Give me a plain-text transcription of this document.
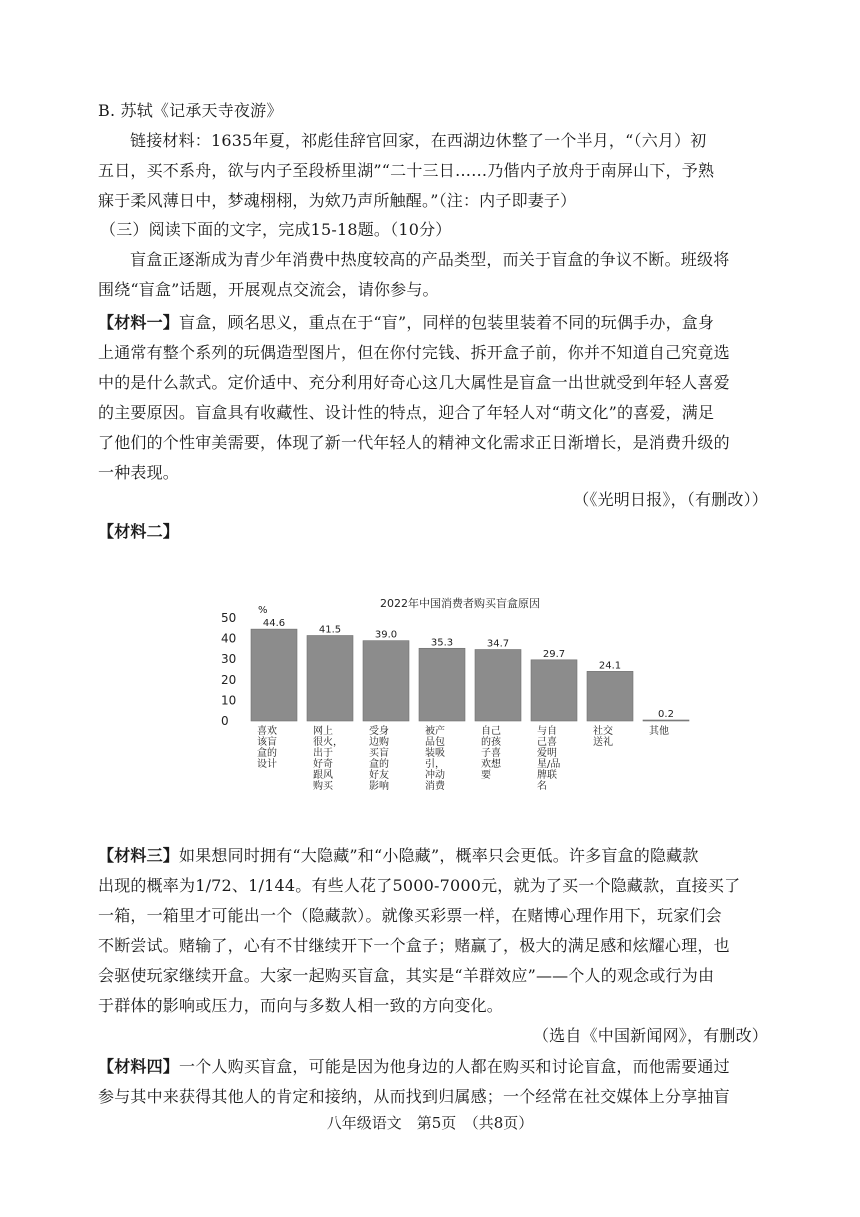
B. 苏轼《记承天寺夜游》
链接材料：1635年夏，祁彪佳辞官回家，在西湖边休整了一个半月，“（六月）初
五日，买不系舟，欲与内子至段桥里湖”“二十三日……乃偕内子放舟于南屏山下，予熟
寐于柔风薄日中，梦魂栩栩，为欸乃声所触醒。”（注：内子即妻子）
（三）阅读下面的文字，完成15-18题。（10分）
盲盒正逐渐成为青少年消费中热度较高的产品类型，而关于盲盒的争议不断。班级将
围绕“盲盒”话题，开展观点交流会，请你参与。
【材料一】盲盒，顾名思义，重点在于“盲”，同样的包装里装着不同的玩偶手办，盒身
上通常有整个系列的玩偶造型图片，但在你付完钱、拆开盒子前，你并不知道自己究竟选
中的是什么款式。定价适中、充分利用好奇心这几大属性是盲盒一出世就受到年轻人喜爱
的主要原因。盲盒具有收藏性、设计性的特点，迎合了年轻人对“萌文化”的喜爱，满足
了他们的个性审美需要，体现了新一代年轻人的精神文化需求正日渐增长，是消费升级的
一种表现。
（《光明日报》，（有删改））
【材料二】
2022年中国消费者购买盲盒原因
%
0
10
20
30
40
50	44.6
41.5	39.0
35.3	34.7
29.7
24.1
0.2
喜欢
该盲
盒的
设计
网上
很火，
出于
好奇
跟风
购买
受身
边购
买盲
盒的
好友
影响
被产
品包
装吸
引，
冲动
消费
自己
的孩
子喜
欢想
要
与自
己喜
爱明
星/品
牌联
名
社交
送礼
其他
【材料三】如果想同时拥有“大隐藏”和“小隐藏”，概率只会更低。许多盲盒的隐藏款
出现的概率为1/72、1/144。有些人花了5000-7000元，就为了买一个隐藏款，直接买了
一箱，一箱里才可能出一个（隐藏款）。就像买彩票一样，在赌博心理作用下，玩家们会
不断尝试。赌输了，心有不甘继续开下一个盒子；赌赢了，极大的满足感和炫耀心理，也
会驱使玩家继续开盒。大家一起购买盲盒，其实是“羊群效应”——个人的观念或行为由
于群体的影响或压力，而向与多数人相一致的方向变化。
（选自《中国新闻网》，有删改）
【材料四】一个人购买盲盒，可能是因为他身边的人都在购买和讨论盲盒，而他需要通过
参与其中来获得其他人的肯定和接纳，从而找到归属感；一个经常在社交媒体上分享抽盲
八年级语文　第5页　（共8页）
